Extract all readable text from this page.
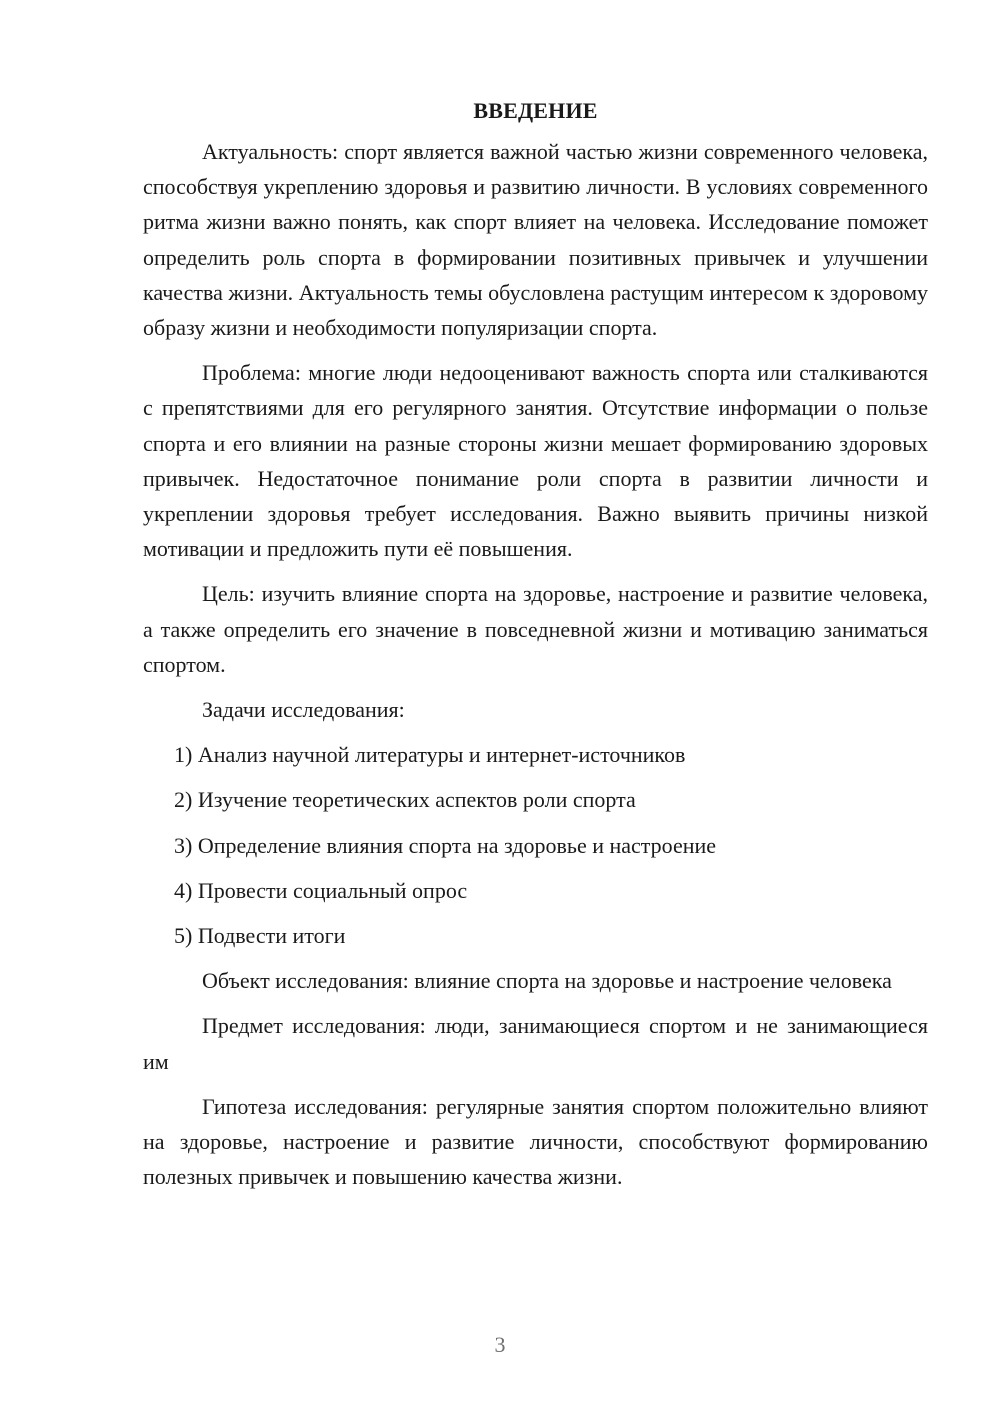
ВВЕДЕНИЕ

Актуальность: спорт является важной частью жизни современного человека, способствуя укреплению здоровья и развитию личности. В условиях современного ритма жизни важно понять, как спорт влияет на человека. Исследование поможет определить роль спорта в формировании позитивных привычек и улучшении качества жизни. Актуальность темы обусловлена растущим интересом к здоровому образу жизни и необходимости популяризации спорта.

Проблема: многие люди недооценивают важность спорта или сталкиваются с препятствиями для его регулярного занятия. Отсутствие информации о пользе спорта и его влиянии на разные стороны жизни мешает формированию здоровых привычек. Недостаточное понимание роли спорта в развитии личности и укреплении здоровья требует исследования. Важно выявить причины низкой мотивации и предложить пути её повышения.

Цель: изучить влияние спорта на здоровье, настроение и развитие человека, а также определить его значение в повседневной жизни и мотивацию заниматься спортом.

Задачи исследования:

1) Анализ научной литературы и интернет-источников
2) Изучение теоретических аспектов роли спорта
3) Определение влияния спорта на здоровье и настроение
4) Провести социальный опрос
5) Подвести итоги

Объект исследования: влияние спорта на здоровье и настроение человека

Предмет исследования: люди, занимающиеся спортом и не занимающиеся им

Гипотеза исследования: регулярные занятия спортом положительно влияют на здоровье, настроение и развитие личности, способствуют формированию полезных привычек и повышению качества жизни.

3
